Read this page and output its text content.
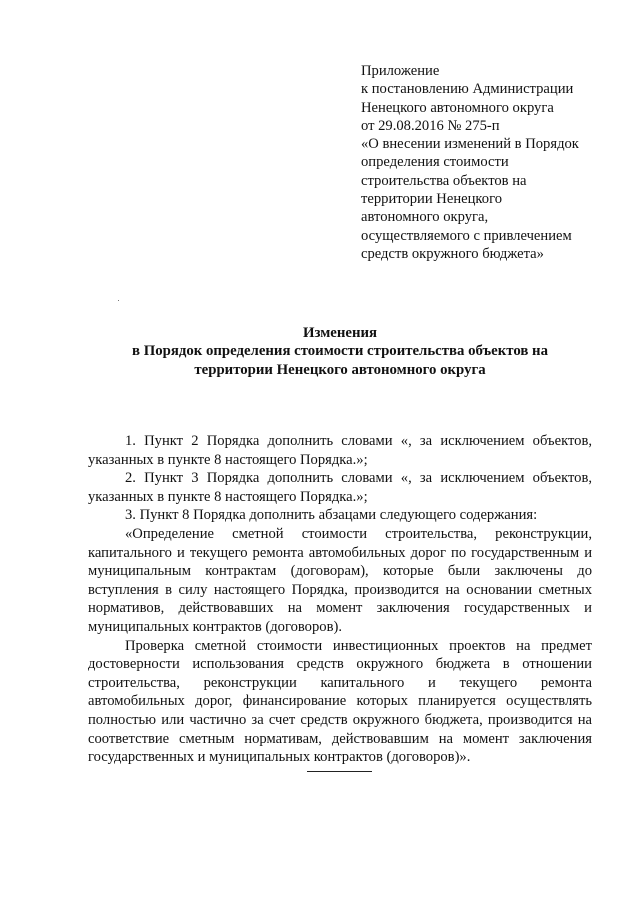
Приложение
к постановлению Администрации
Ненецкого автономного округа
от 29.08.2016 № 275-п
«О внесении изменений в Порядок
определения стоимости
строительства объектов на
территории Ненецкого
автономного округа,
осуществляемого с привлечением
средств окружного бюджета»
Изменения
в Порядок определения стоимости строительства объектов на
территории Ненецкого автономного округа

1. Пункт 2 Порядка дополнить словами «, за исключением объектов, указанных в пункте 8 настоящего Порядка.»;

2. Пункт 3 Порядка дополнить словами «, за исключением объектов, указанных в пункте 8 настоящего Порядка.»;

3. Пункт 8 Порядка дополнить абзацами следующего содержания:

«Определение сметной стоимости строительства, реконструкции, капитального и текущего ремонта автомобильных дорог по государственным и муниципальным контрактам (договорам), которые были заключены до вступления в силу настоящего Порядка, производится на основании сметных нормативов, действовавших на момент заключения государственных и муниципальных контрактов (договоров).

Проверка сметной стоимости инвестиционных проектов на предмет достоверности использования средств окружного бюджета в отношении строительства, реконструкции капитального и текущего ремонта автомобильных дорог, финансирование которых планируется осуществлять полностью или частично за счет средств окружного бюджета, производится на соответствие сметным нормативам, действовавшим на момент заключения государственных и муниципальных контрактов (договоров)».
